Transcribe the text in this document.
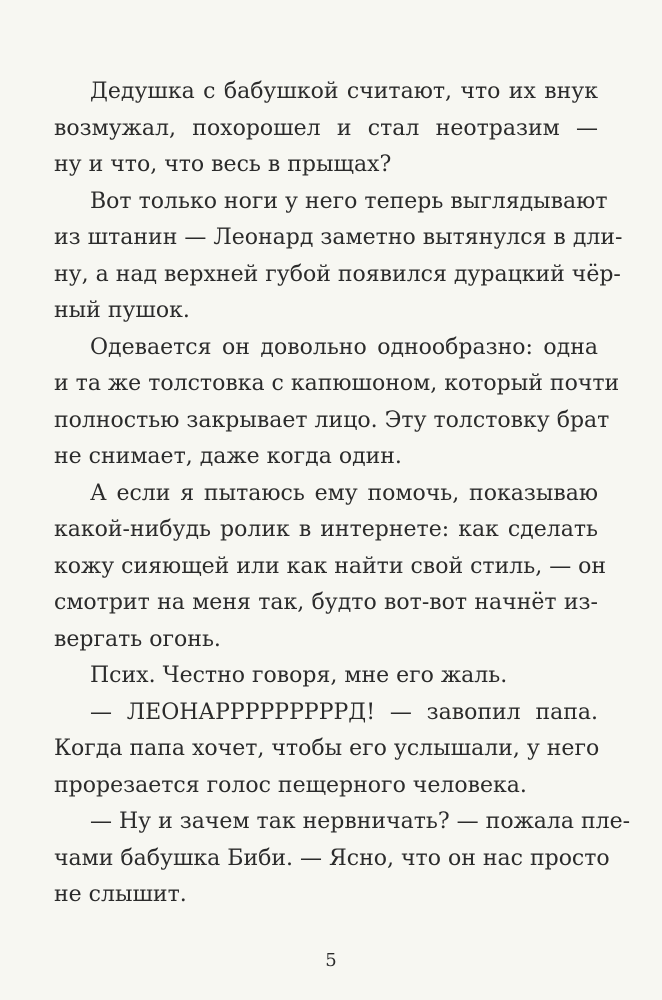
Дедушка с бабушкой считают, что их внук
возмужал, похорошел и стал неотразим —
ну и что, что весь в прыщах?

Вот только ноги у него теперь выглядывают
из штанин — Леонард заметно вытянулся в дли-
ну, а над верхней губой появился дурацкий чёр-
ный пушок.

Одевается он довольно однообразно: одна
и та же толстовка с капюшоном, который почти
полностью закрывает лицо. Эту толстовку брат
не снимает, даже когда один.

А если я пытаюсь ему помочь, показываю
какой-нибудь ролик в интернете: как сделать
кожу сияющей или как найти свой стиль, — он
смотрит на меня так, будто вот-вот начнёт из-
вергать огонь.

Псих. Честно говоря, мне его жаль.

— ЛЕОНАРРРРРРРРРД! — завопил папа.
Когда папа хочет, чтобы его услышали, у него
прорезается голос пещерного человека.

— Ну и зачем так нервничать? — пожала пле-
чами бабушка Биби. — Ясно, что он нас просто
не слышит.

5
